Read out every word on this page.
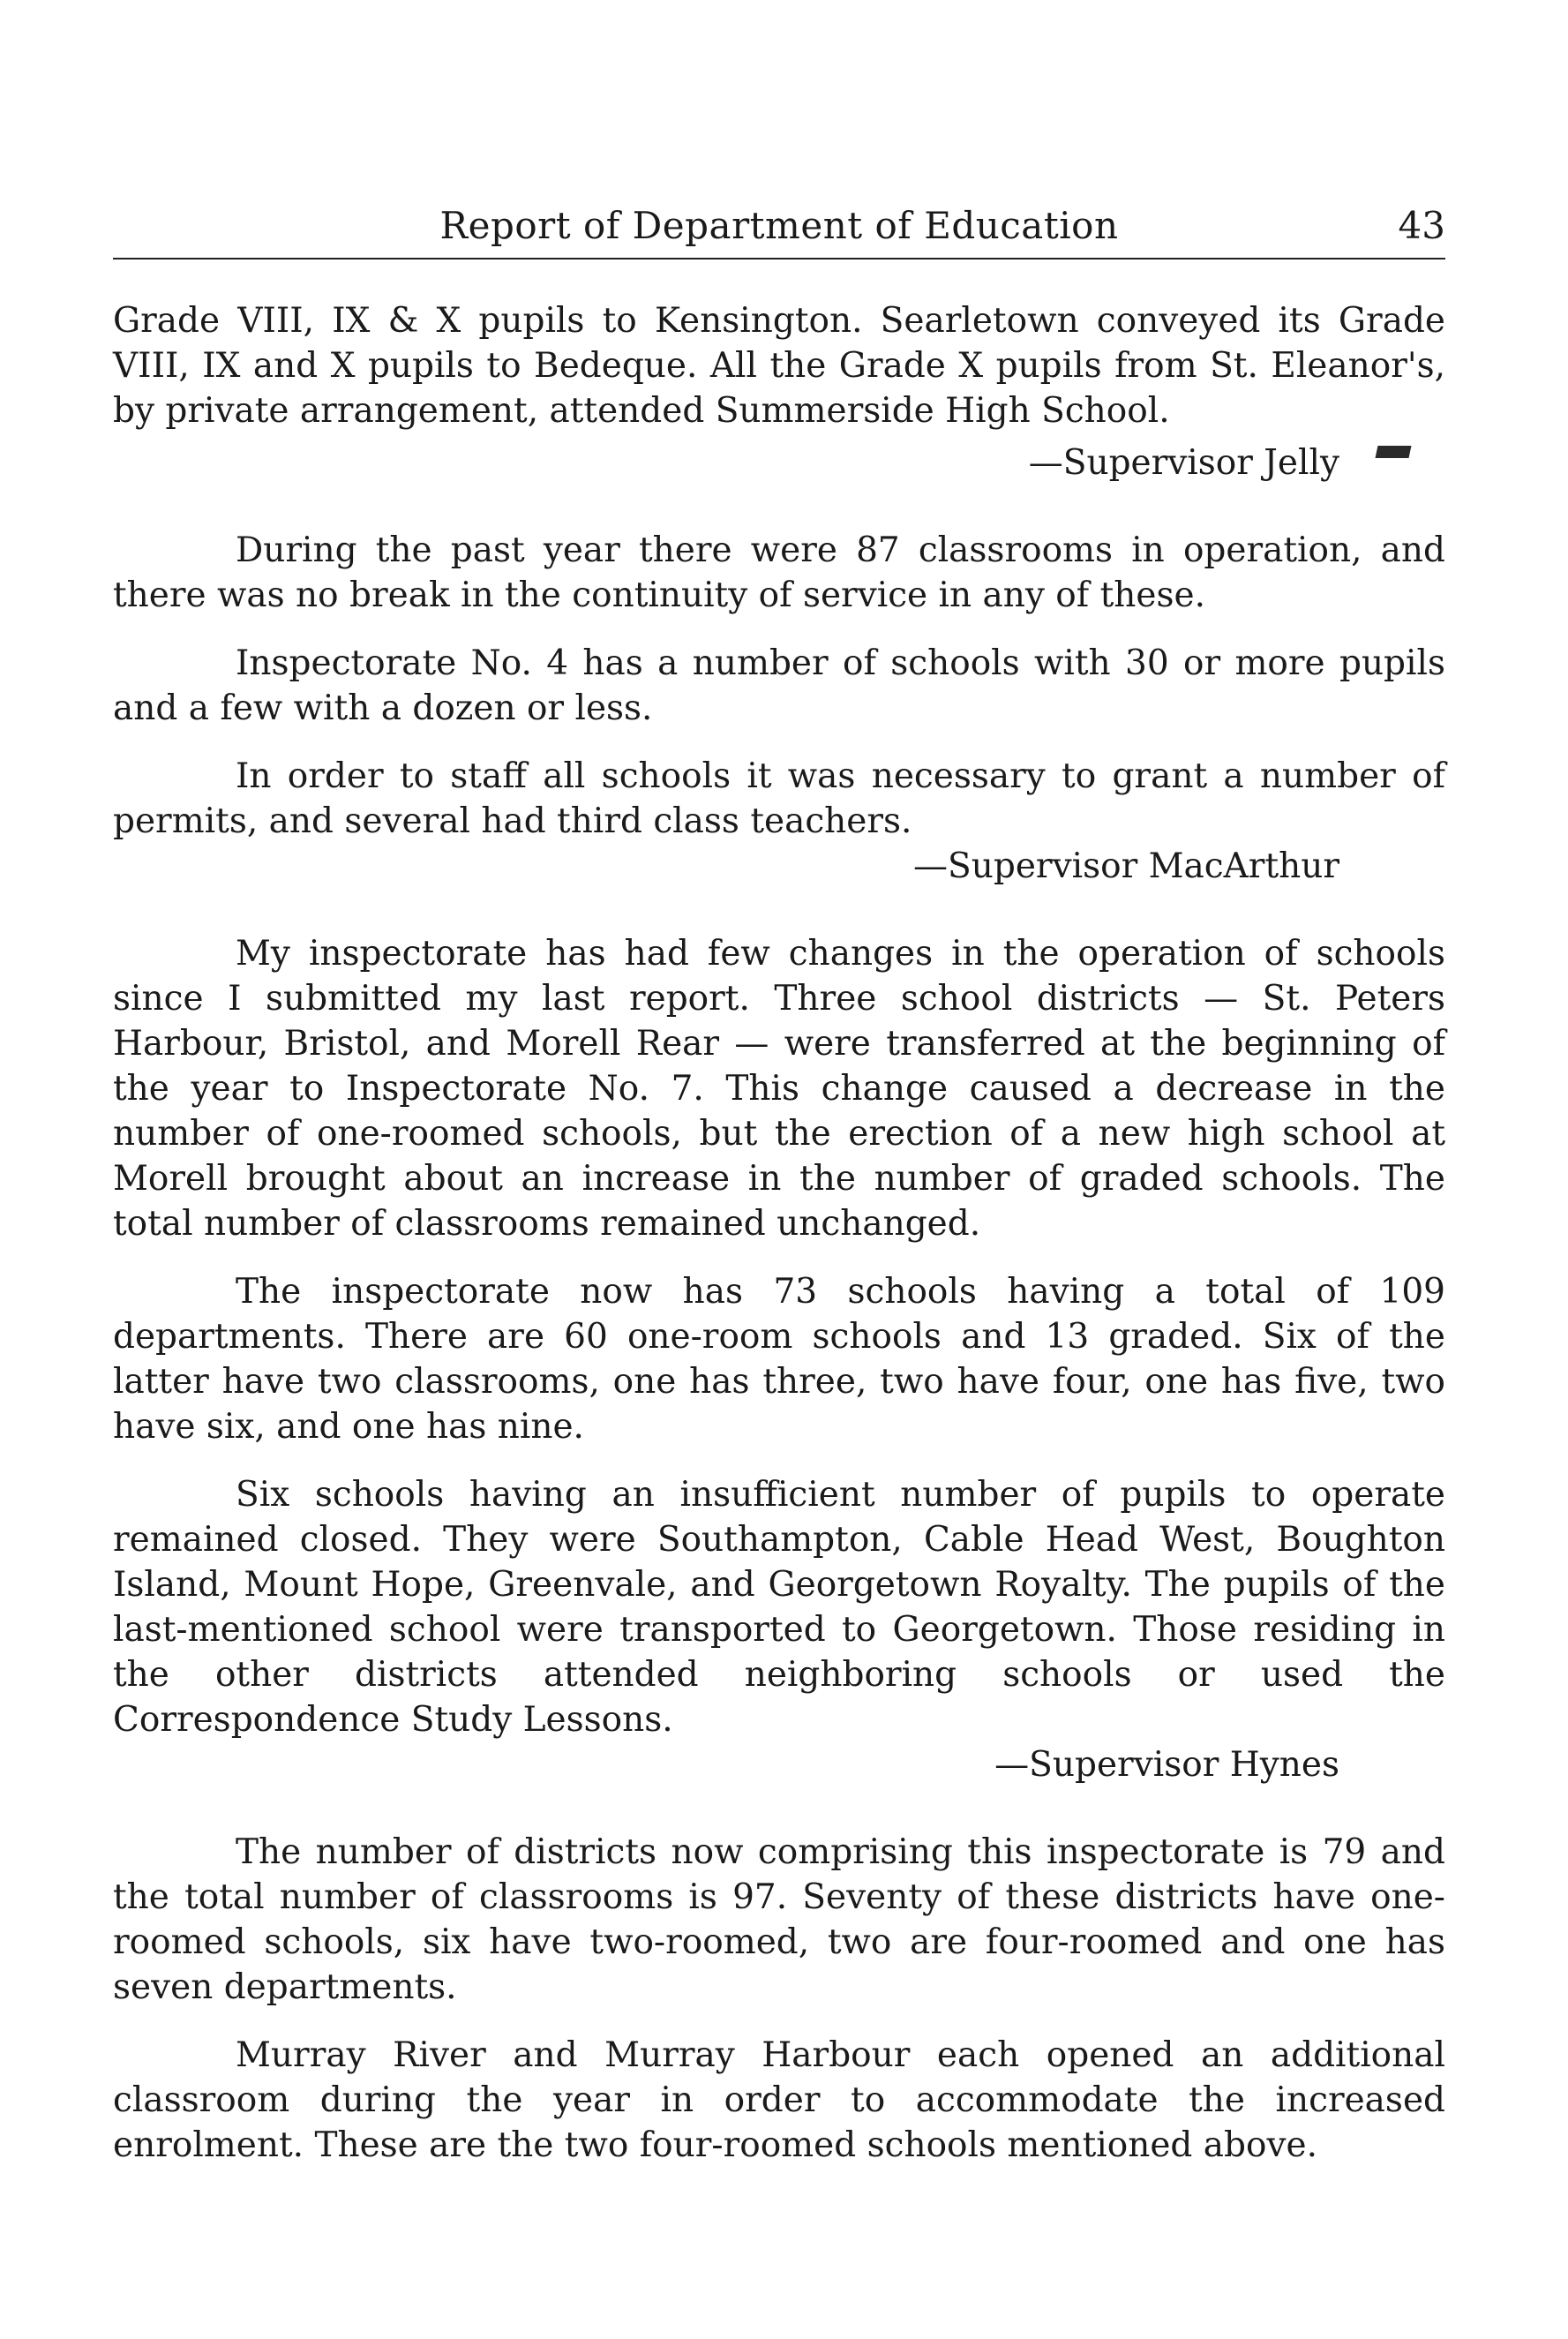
Report of Department of Education	43

Grade VIII, IX & X pupils to Kensington. Searletown conveyed its Grade VIII, IX and X pupils to Bedeque. All the Grade X pupils from St. Eleanor's, by private arrangement, attended Summerside High School.

—Supervisor Jelly

During the past year there were 87 classrooms in operation, and there was no break in the continuity of service in any of these.

Inspectorate No. 4 has a number of schools with 30 or more pupils and a few with a dozen or less.

In order to staff all schools it was necessary to grant a number of permits, and several had third class teachers.

—Supervisor MacArthur

My inspectorate has had few changes in the operation of schools since I submitted my last report. Three school districts — St. Peters Harbour, Bristol, and Morell Rear — were transferred at the beginning of the year to Inspectorate No. 7. This change caused a decrease in the number of one-roomed schools, but the erection of a new high school at Morell brought about an increase in the number of graded schools. The total number of classrooms remained unchanged.

The inspectorate now has 73 schools having a total of 109 departments. There are 60 one-room schools and 13 graded. Six of the latter have two classrooms, one has three, two have four, one has five, two have six, and one has nine.

Six schools having an insufficient number of pupils to operate remained closed. They were Southampton, Cable Head West, Boughton Island, Mount Hope, Greenvale, and Georgetown Royalty. The pupils of the last-mentioned school were transported to Georgetown. Those residing in the other districts attended neighboring schools or used the Correspondence Study Lessons.

—Supervisor Hynes

The number of districts now comprising this inspectorate is 79 and the total number of classrooms is 97. Seventy of these districts have one-roomed schools, six have two-roomed, two are four-roomed and one has seven departments.

Murray River and Murray Harbour each opened an additional classroom during the year in order to accommodate the increased enrolment. These are the two four-roomed schools mentioned above.
